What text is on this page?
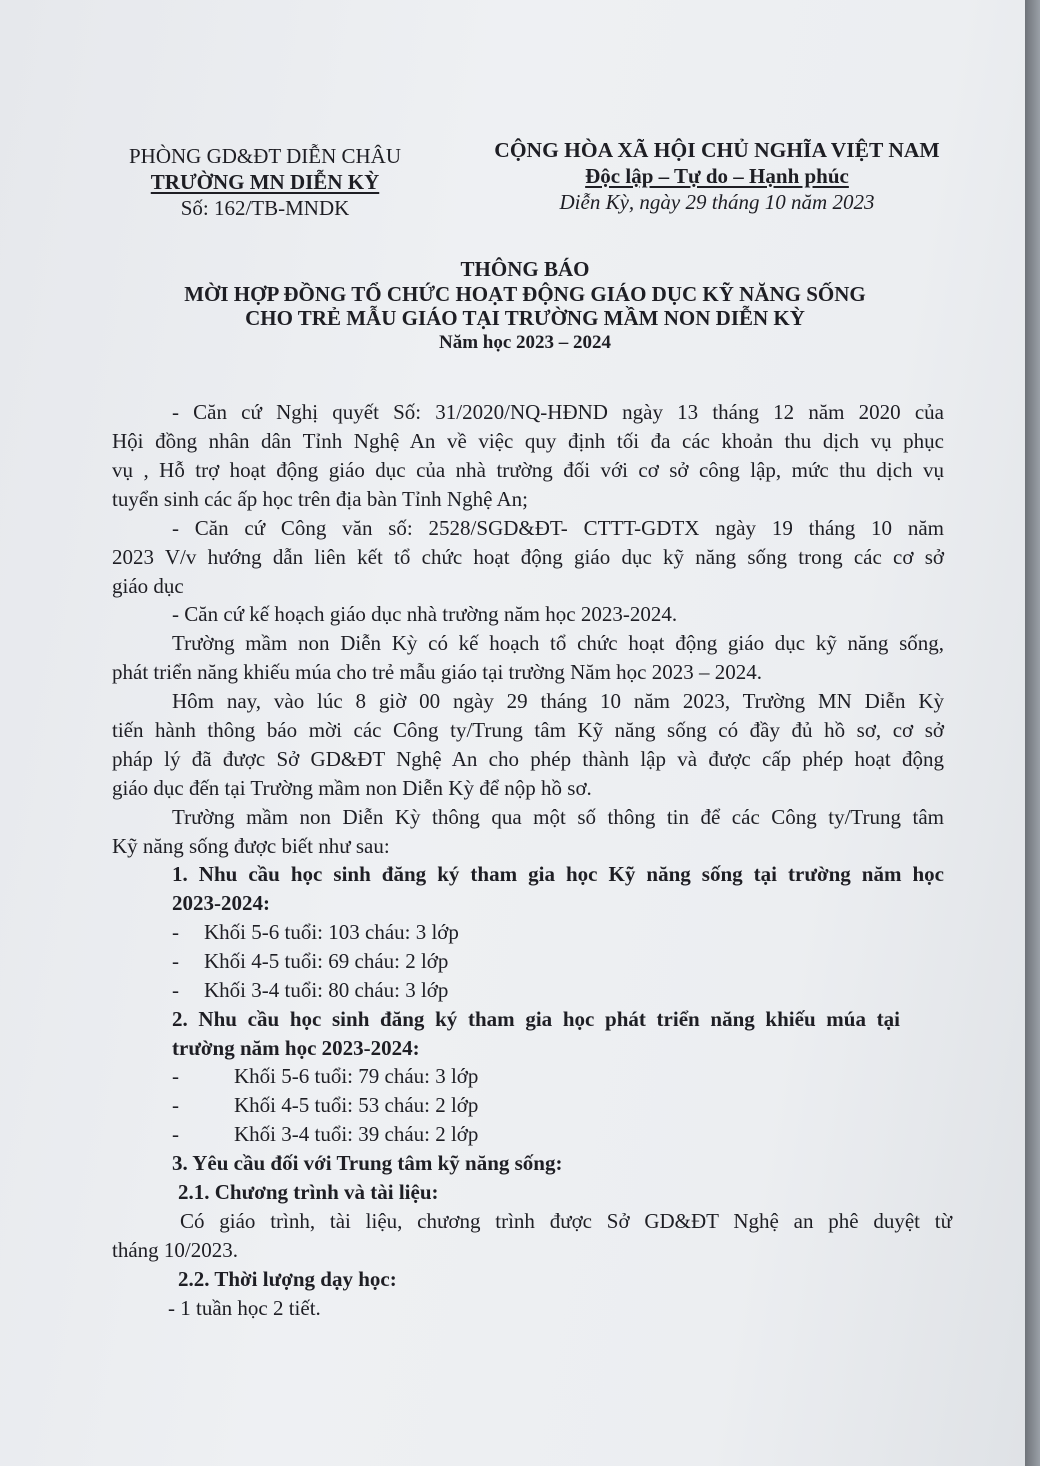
PHÒNG GD&ĐT DIỄN CHÂU
TRƯỜNG MN DIỄN KỲ
Số: 162/TB-MNDK
CỘNG HÒA XÃ HỘI CHỦ NGHĨA VIỆT NAM
Độc lập – Tự do – Hạnh phúc
Diễn Kỳ, ngày 29 tháng 10 năm 2023
THÔNG BÁO
MỜI HỢP ĐỒNG TỔ CHỨC HOẠT ĐỘNG GIÁO DỤC KỸ NĂNG SỐNG
CHO TRẺ MẪU GIÁO TẠI TRƯỜNG MẦM NON DIỄN KỲ
Năm học 2023 – 2024
- Căn cứ Nghị quyết Số: 31/2020/NQ-HĐND ngày 13 tháng 12 năm 2020 của
Hội đồng nhân dân Tỉnh Nghệ An về việc quy định tối đa các khoản thu dịch vụ phục
vụ , Hỗ trợ hoạt động giáo dục của nhà trường đối với cơ sở công lập, mức thu dịch vụ
tuyển sinh các ấp học trên địa bàn Tỉnh Nghệ An;
- Căn cứ Công văn số: 2528/SGD&ĐT- CTTT-GDTX ngày 19 tháng 10 năm
2023 V/v hướng dẫn liên kết tổ chức hoạt động giáo dục kỹ năng sống trong các cơ sở
giáo dục
- Căn cứ kế hoạch giáo dục nhà trường năm học 2023-2024.
Trường mầm non Diễn Kỳ có kế hoạch tổ chức hoạt động giáo dục kỹ năng sống,
phát triển năng khiếu múa cho trẻ mẫu giáo tại trường Năm học 2023 – 2024.
Hôm nay, vào lúc 8 giờ 00 ngày 29 tháng 10 năm 2023, Trường MN Diễn Kỳ
tiến hành thông báo mời các Công ty/Trung tâm Kỹ năng sống có đầy đủ hồ sơ, cơ sở
pháp lý đã được Sở GD&ĐT Nghệ An cho phép thành lập và được cấp phép hoạt động
giáo dục đến tại Trường mầm non Diễn Kỳ để nộp hồ sơ.
Trường mầm non Diễn Kỳ thông qua một số thông tin để các Công ty/Trung tâm
Kỹ năng sống được biết như sau:
1. Nhu cầu học sinh đăng ký tham gia học Kỹ năng sống tại trường năm học
2023-2024:
- Khối 5-6 tuổi: 103 cháu: 3 lớp
- Khối 4-5 tuổi: 69 cháu: 2 lớp
- Khối 3-4 tuổi: 80 cháu: 3 lớp
2. Nhu cầu học sinh đăng ký tham gia học phát triển năng khiếu múa tại
trường năm học 2023-2024:
-	Khối 5-6 tuổi: 79 cháu: 3 lớp
-	Khối 4-5 tuổi: 53 cháu: 2 lớp
-	Khối 3-4 tuổi: 39 cháu: 2 lớp
3. Yêu cầu đối với Trung tâm kỹ năng sống:
2.1. Chương trình và tài liệu:
Có giáo trình, tài liệu, chương trình được Sở GD&ĐT Nghệ an phê duyệt từ
tháng 10/2023.
2.2. Thời lượng dạy học:
- 1 tuần học 2 tiết.
